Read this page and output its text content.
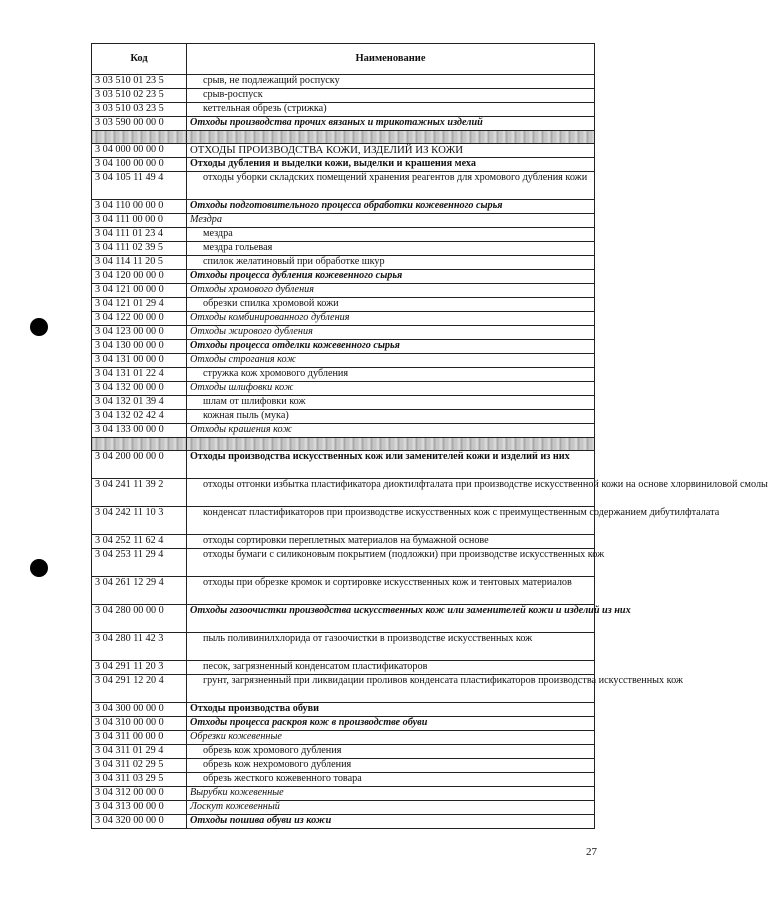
Код	Наименование
3 03 510 01 23 5	срыв, не подлежащий роспуску
3 03 510 02 23 5	срыв-роспуск
3 03 510 03 23 5	кеттельная обрезь (стрижка)
3 03 590 00 00 0	Отходы производства прочих вязаных и трикотажных изделий

3 04 000 00 00 0	ОТХОДЫ ПРОИЗВОДСТВА КОЖИ, ИЗДЕЛИЙ ИЗ КОЖИ
3 04 100 00 00 0	Отходы дубления и выделки кожи, выделки и крашения меха
3 04 105 11 49 4	отходы уборки складских помещений хранения реагентов для хромового дубления кожи
3 04 110 00 00 0	Отходы подготовительного процесса обработки кожевенного сырья
3 04 111 00 00 0	Мездра
3 04 111 01 23 4	мездра
3 04 111 02 39 5	мездра гольевая
3 04 114 11 20 5	спилок желатиновый при обработке шкур
3 04 120 00 00 0	Отходы процесса дубления кожевенного сырья
3 04 121 00 00 0	Отходы хромового дубления
3 04 121 01 29 4	обрезки спилка хромовой кожи
3 04 122 00 00 0	Отходы комбинированного дубления
3 04 123 00 00 0	Отходы жирового дубления
3 04 130 00 00 0	Отходы процесса отделки кожевенного сырья
3 04 131 00 00 0	Отходы строгания кож
3 04 131 01 22 4	стружка кож хромового дубления
3 04 132 00 00 0	Отходы шлифовки кож
3 04 132 01 39 4	шлам от шлифовки кож
3 04 132 02 42 4	кожная пыль (мука)
3 04 133 00 00 0	Отходы крашения кож

3 04 200 00 00 0	Отходы производства искусственных кож или заменителей кожи и изделий из них
3 04 241 11 39 2	отходы отгонки избытка пластификатора диоктилфталата при производстве искусственной кожи на основе хлорвиниловой смолы
3 04 242 11 10 3	конденсат пластификаторов при производстве искусственных кож с преимущественным содержанием дибутилфталата
3 04 252 11 62 4	отходы сортировки переплетных материалов на бумажной основе
3 04 253 11 29 4	отходы бумаги с силиконовым покрытием (подложки) при производстве искусственных кож
3 04 261 12 29 4	отходы при обрезке кромок и сортировке искусственных кож и тентовых материалов
3 04 280 00 00 0	Отходы газоочистки производства искусственных кож или заменителей кожи и изделий из них
3 04 280 11 42 3	пыль поливинилхлорида от газоочистки в производстве искусственных кож
3 04 291 11 20 3	песок, загрязненный конденсатом пластификаторов
3 04 291 12 20 4	грунт, загрязненный при ликвидации проливов конденсата пластификаторов производства искусственных кож
3 04 300 00 00 0	Отходы производства обуви
3 04 310 00 00 0	Отходы процесса раскроя кож в производстве обуви
3 04 311 00 00 0	Обрезки кожевенные
3 04 311 01 29 4	обрезь кож хромового дубления
3 04 311 02 29 5	обрезь кож нехромового дубления
3 04 311 03 29 5	обрезь жесткого кожевенного товара
3 04 312 00 00 0	Вырубки кожевенные
3 04 313 00 00 0	Лоскут кожевенный
3 04 320 00 00 0	Отходы пошива обуви из кожи
27
